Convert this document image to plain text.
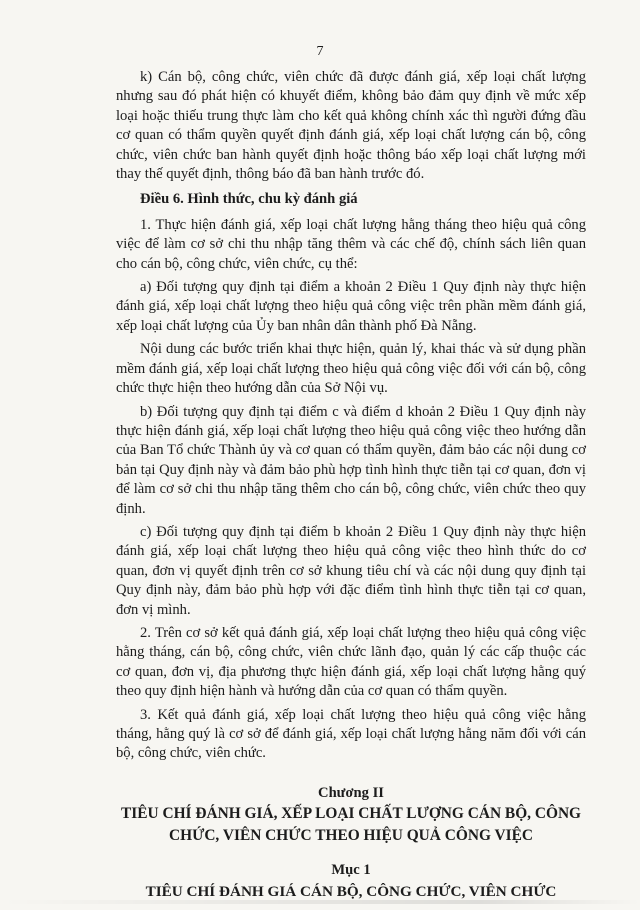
7

k) Cán bộ, công chức, viên chức đã được đánh giá, xếp loại chất lượng nhưng sau đó phát hiện có khuyết điểm, không bảo đảm quy định về mức xếp loại hoặc thiếu trung thực làm cho kết quả không chính xác thì người đứng đầu cơ quan có thẩm quyền quyết định đánh giá, xếp loại chất lượng cán bộ, công chức, viên chức ban hành quyết định hoặc thông báo xếp loại chất lượng mới thay thế quyết định, thông báo đã ban hành trước đó.

Điều 6. Hình thức, chu kỳ đánh giá

1. Thực hiện đánh giá, xếp loại chất lượng hằng tháng theo hiệu quả công việc để làm cơ sở chi thu nhập tăng thêm và các chế độ, chính sách liên quan cho cán bộ, công chức, viên chức, cụ thể:

a) Đối tượng quy định tại điểm a khoản 2 Điều 1 Quy định này thực hiện đánh giá, xếp loại chất lượng theo hiệu quả công việc trên phần mềm đánh giá, xếp loại chất lượng của Ủy ban nhân dân thành phố Đà Nẵng.

Nội dung các bước triển khai thực hiện, quản lý, khai thác và sử dụng phần mềm đánh giá, xếp loại chất lượng theo hiệu quả công việc đối với cán bộ, công chức thực hiện theo hướng dẫn của Sở Nội vụ.

b) Đối tượng quy định tại điểm c và điểm d khoản 2 Điều 1 Quy định này thực hiện đánh giá, xếp loại chất lượng theo hiệu quả công việc theo hướng dẫn của Ban Tổ chức Thành ủy và cơ quan có thẩm quyền, đảm bảo các nội dung cơ bản tại Quy định này và đảm bảo phù hợp tình hình thực tiễn tại cơ quan, đơn vị để làm cơ sở chi thu nhập tăng thêm cho cán bộ, công chức, viên chức theo quy định.

c) Đối tượng quy định tại điểm b khoản 2 Điều 1 Quy định này thực hiện đánh giá, xếp loại chất lượng theo hiệu quả công việc theo hình thức do cơ quan, đơn vị quyết định trên cơ sở khung tiêu chí và các nội dung quy định tại Quy định này, đảm bảo phù hợp với đặc điểm tình hình thực tiễn tại cơ quan, đơn vị mình.

2. Trên cơ sở kết quả đánh giá, xếp loại chất lượng theo hiệu quả công việc hằng tháng, cán bộ, công chức, viên chức lãnh đạo, quản lý các cấp thuộc các cơ quan, đơn vị, địa phương thực hiện đánh giá, xếp loại chất lượng hằng quý theo quy định hiện hành và hướng dẫn của cơ quan có thẩm quyền.

3. Kết quả đánh giá, xếp loại chất lượng theo hiệu quả công việc hằng tháng, hằng quý là cơ sở để đánh giá, xếp loại chất lượng hằng năm đối với cán bộ, công chức, viên chức.

Chương II

TIÊU CHÍ ĐÁNH GIÁ, XẾP LOẠI CHẤT LƯỢNG CÁN BỘ, CÔNG CHỨC, VIÊN CHỨC THEO HIỆU QUẢ CÔNG VIỆC

Mục 1

TIÊU CHÍ ĐÁNH GIÁ CÁN BỘ, CÔNG CHỨC, VIÊN CHỨC
